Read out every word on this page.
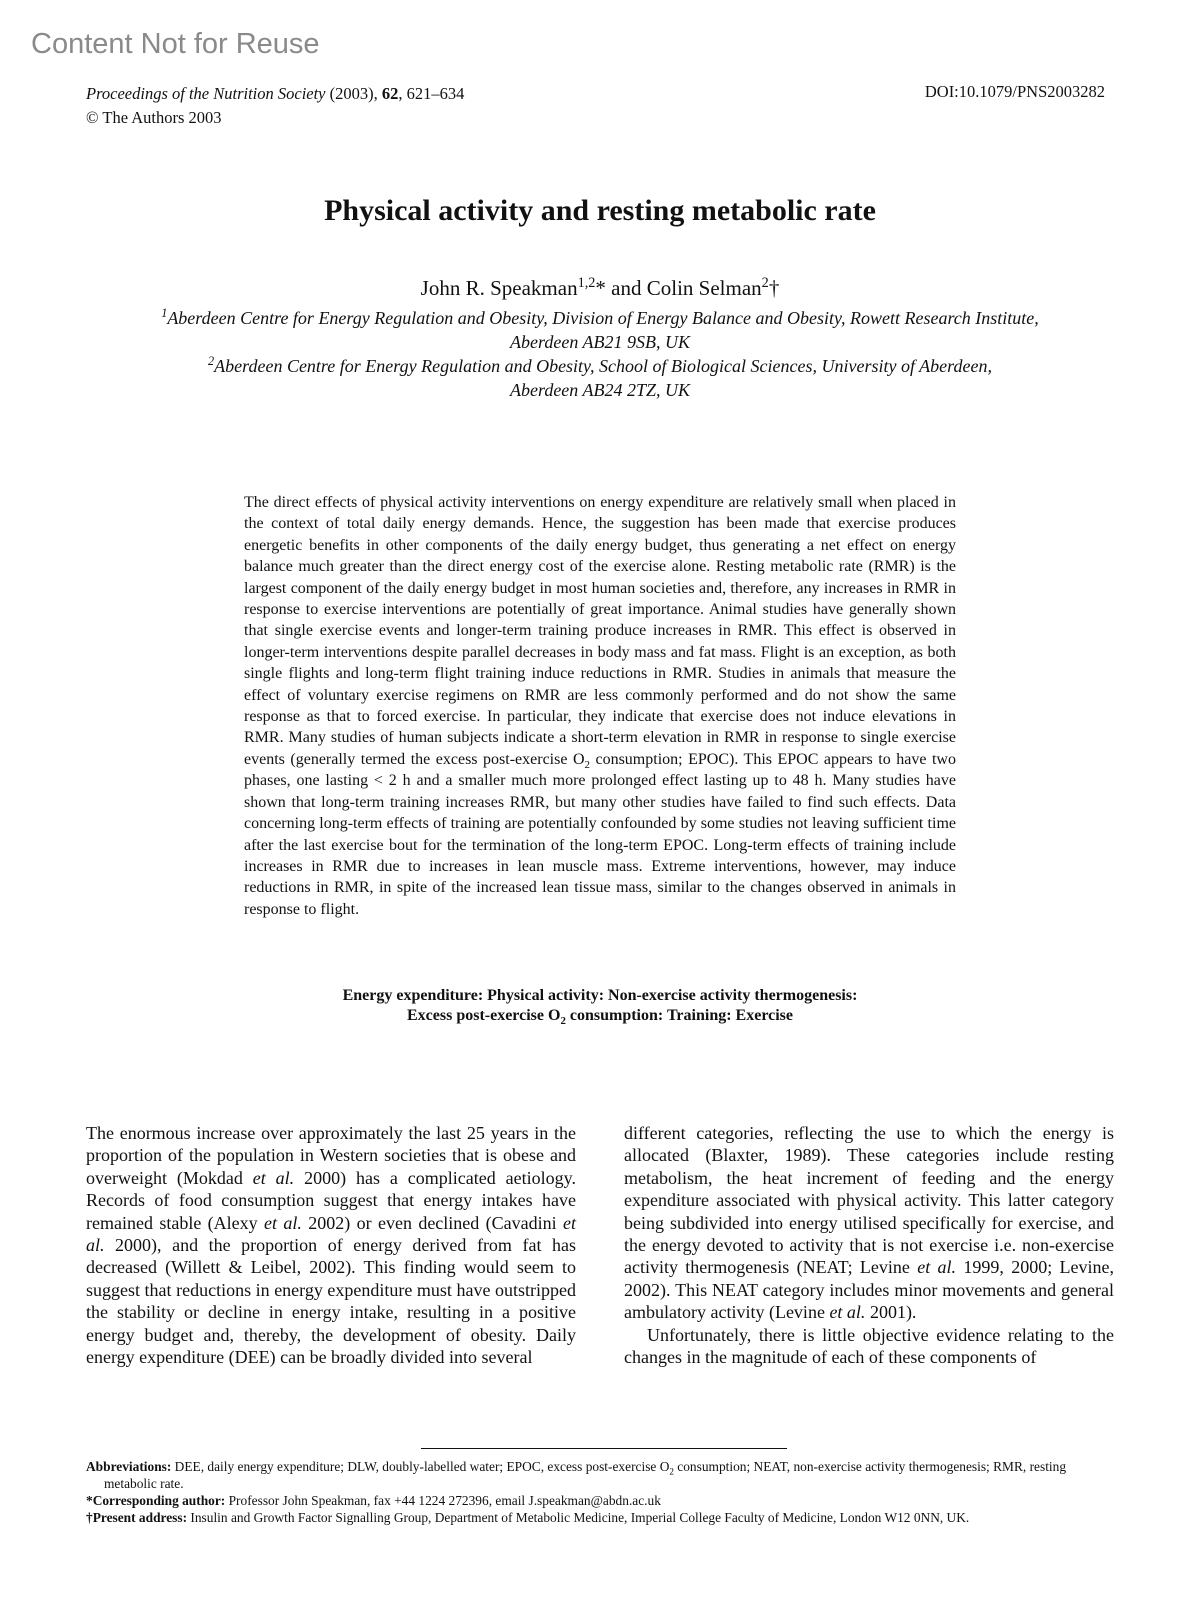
Content Not for Reuse
Proceedings of the Nutrition Society (2003), 62, 621–634
© The Authors 2003
DOI:10.1079/PNS2003282
Physical activity and resting metabolic rate
John R. Speakman$^{1,2}$* and Colin Selman$^2$†
$^1$Aberdeen Centre for Energy Regulation and Obesity, Division of Energy Balance and Obesity, Rowett Research Institute,
Aberdeen AB21 9SB, UK
$^2$Aberdeen Centre for Energy Regulation and Obesity, School of Biological Sciences, University of Aberdeen,
Aberdeen AB24 2TZ, UK
The direct effects of physical activity interventions on energy expenditure are relatively small when placed in the context of total daily energy demands. Hence, the suggestion has been made that exercise produces energetic benefits in other components of the daily energy budget, thus generating a net effect on energy balance much greater than the direct energy cost of the exercise alone. Resting metabolic rate (RMR) is the largest component of the daily energy budget in most human societies and, therefore, any increases in RMR in response to exercise interventions are potentially of great importance. Animal studies have generally shown that single exercise events and longer-term training produce increases in RMR. This effect is observed in longer-term interventions despite parallel decreases in body mass and fat mass. Flight is an exception, as both single flights and long-term flight training induce reductions in RMR. Studies in animals that measure the effect of voluntary exercise regimens on RMR are less commonly performed and do not show the same response as that to forced exercise. In particular, they indicate that exercise does not induce elevations in RMR. Many studies of human subjects indicate a short-term elevation in RMR in response to single exercise events (generally termed the excess post-exercise $O_2$ consumption; EPOC). This EPOC appears to have two phases, one lasting < 2 h and a smaller much more prolonged effect lasting up to 48 h. Many studies have shown that long-term training increases RMR, but many other studies have failed to find such effects. Data concerning long-term effects of training are potentially confounded by some studies not leaving sufficient time after the last exercise bout for the termination of the long-term EPOC. Long-term effects of training include increases in RMR due to increases in lean muscle mass. Extreme interventions, however, may induce reductions in RMR, in spite of the increased lean tissue mass, similar to the changes observed in animals in response to flight.
Energy expenditure: Physical activity: Non-exercise activity thermogenesis:
Excess post-exercise $O_2$ consumption: Training: Exercise

The enormous increase over approximately the last 25 years in the proportion of the population in Western societies that is obese and overweight (Mokdad et al. 2000) has a complicated aetiology. Records of food consumption suggest that energy intakes have remained stable (Alexy et al. 2002) or even declined (Cavadini et al. 2000), and the proportion of energy derived from fat has decreased (Willett & Leibel, 2002). This finding would seem to suggest that reductions in energy expenditure must have outstripped the stability or decline in energy intake, resulting in a positive energy budget and, thereby, the development of obesity. Daily energy expenditure (DEE) can be broadly divided into several

different categories, reflecting the use to which the energy is allocated (Blaxter, 1989). These categories include resting metabolism, the heat increment of feeding and the energy expenditure associated with physical activity. This latter category being subdivided into energy utilised specifically for exercise, and the energy devoted to activity that is not exercise i.e. non-exercise activity thermogenesis (NEAT; Levine et al. 1999, 2000; Levine, 2002). This NEAT category includes minor movements and general ambulatory activity (Levine et al. 2001).

Unfortunately, there is little objective evidence relating to the changes in the magnitude of each of these components of

Abbreviations: DEE, daily energy expenditure; DLW, doubly-labelled water; EPOC, excess post-exercise $O_2$ consumption; NEAT, non-exercise activity thermogenesis; RMR, resting metabolic rate.

*Corresponding author: Professor John Speakman, fax +44 1224 272396, email J.speakman@abdn.ac.uk

†Present address: Insulin and Growth Factor Signalling Group, Department of Metabolic Medicine, Imperial College Faculty of Medicine, London W12 0NN, UK.
